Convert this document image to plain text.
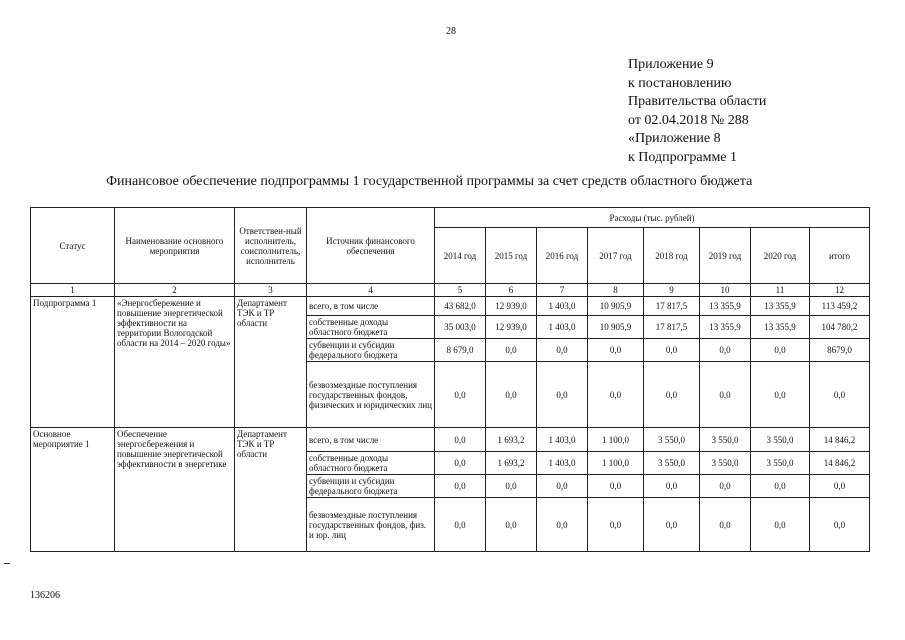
28
Приложение 9
к постановлению
Правительства области
от 02.04.2018 № 288
«Приложение 8
к Подпрограмме 1
Финансовое обеспечение подпрограммы 1 государственной программы за счет средств областного бюджета
Статус	Наименование основного мероприятия	Ответствен-ный исполнитель, соисполнитель, исполнитель	Источник финансового обеспечения	Расходы (тыс. рублей)							
				2014 год	2015 год	2016 год	2017 год	2018 год	2019 год	2020 год	итого
1	2	3	4	5	6	7	8	9	10	11	12
Подпрограмма 1	«Энергосбережение и повышение энергетической эффективности на территории Вологодской области на 2014 – 2020 годы»	Департамент ТЭК и ТР области	всего, в том числе	43 682,0	12 939,0	1 403,0	10 905,9	17 817,5	13 355,9	13 355,9	113 459,2
			собственные доходы областного бюджета	35 003,0	12 939,0	1 403,0	10 905,9	17 817,5	13 355,9	13 355,9	104 780,2
			субвенции и субсидии федерального бюджета	8 679,0	0,0	0,0	0,0	0,0	0,0	0,0	8679,0
			безвозмездные поступления государственных фондов, физических и юридических лиц	0,0	0,0	0,0	0,0	0,0	0,0	0,0	0,0
Основное мероприятие 1	Обеспечение энергосбережения и повышение энергетической эффективности в энергетике	Департамент ТЭК и ТР области	всего, в том числе	0,0	1 693,2	1 403,0	1 100,0	3 550,0	3 550,0	3 550,0	14 846,2
			собственные доходы областного бюджета	0,0	1 693,2	1 403,0	1 100,0	3 550,0	3 550,0	3 550,0	14 846,2
			субвенции и субсидии федерального бюджета	0,0	0,0	0,0	0,0	0,0	0,0	0,0	0,0
			безвозмездные поступления государственных фондов, физ. и юр. лиц	0,0	0,0	0,0	0,0	0,0	0,0	0,0	0,0
136206
